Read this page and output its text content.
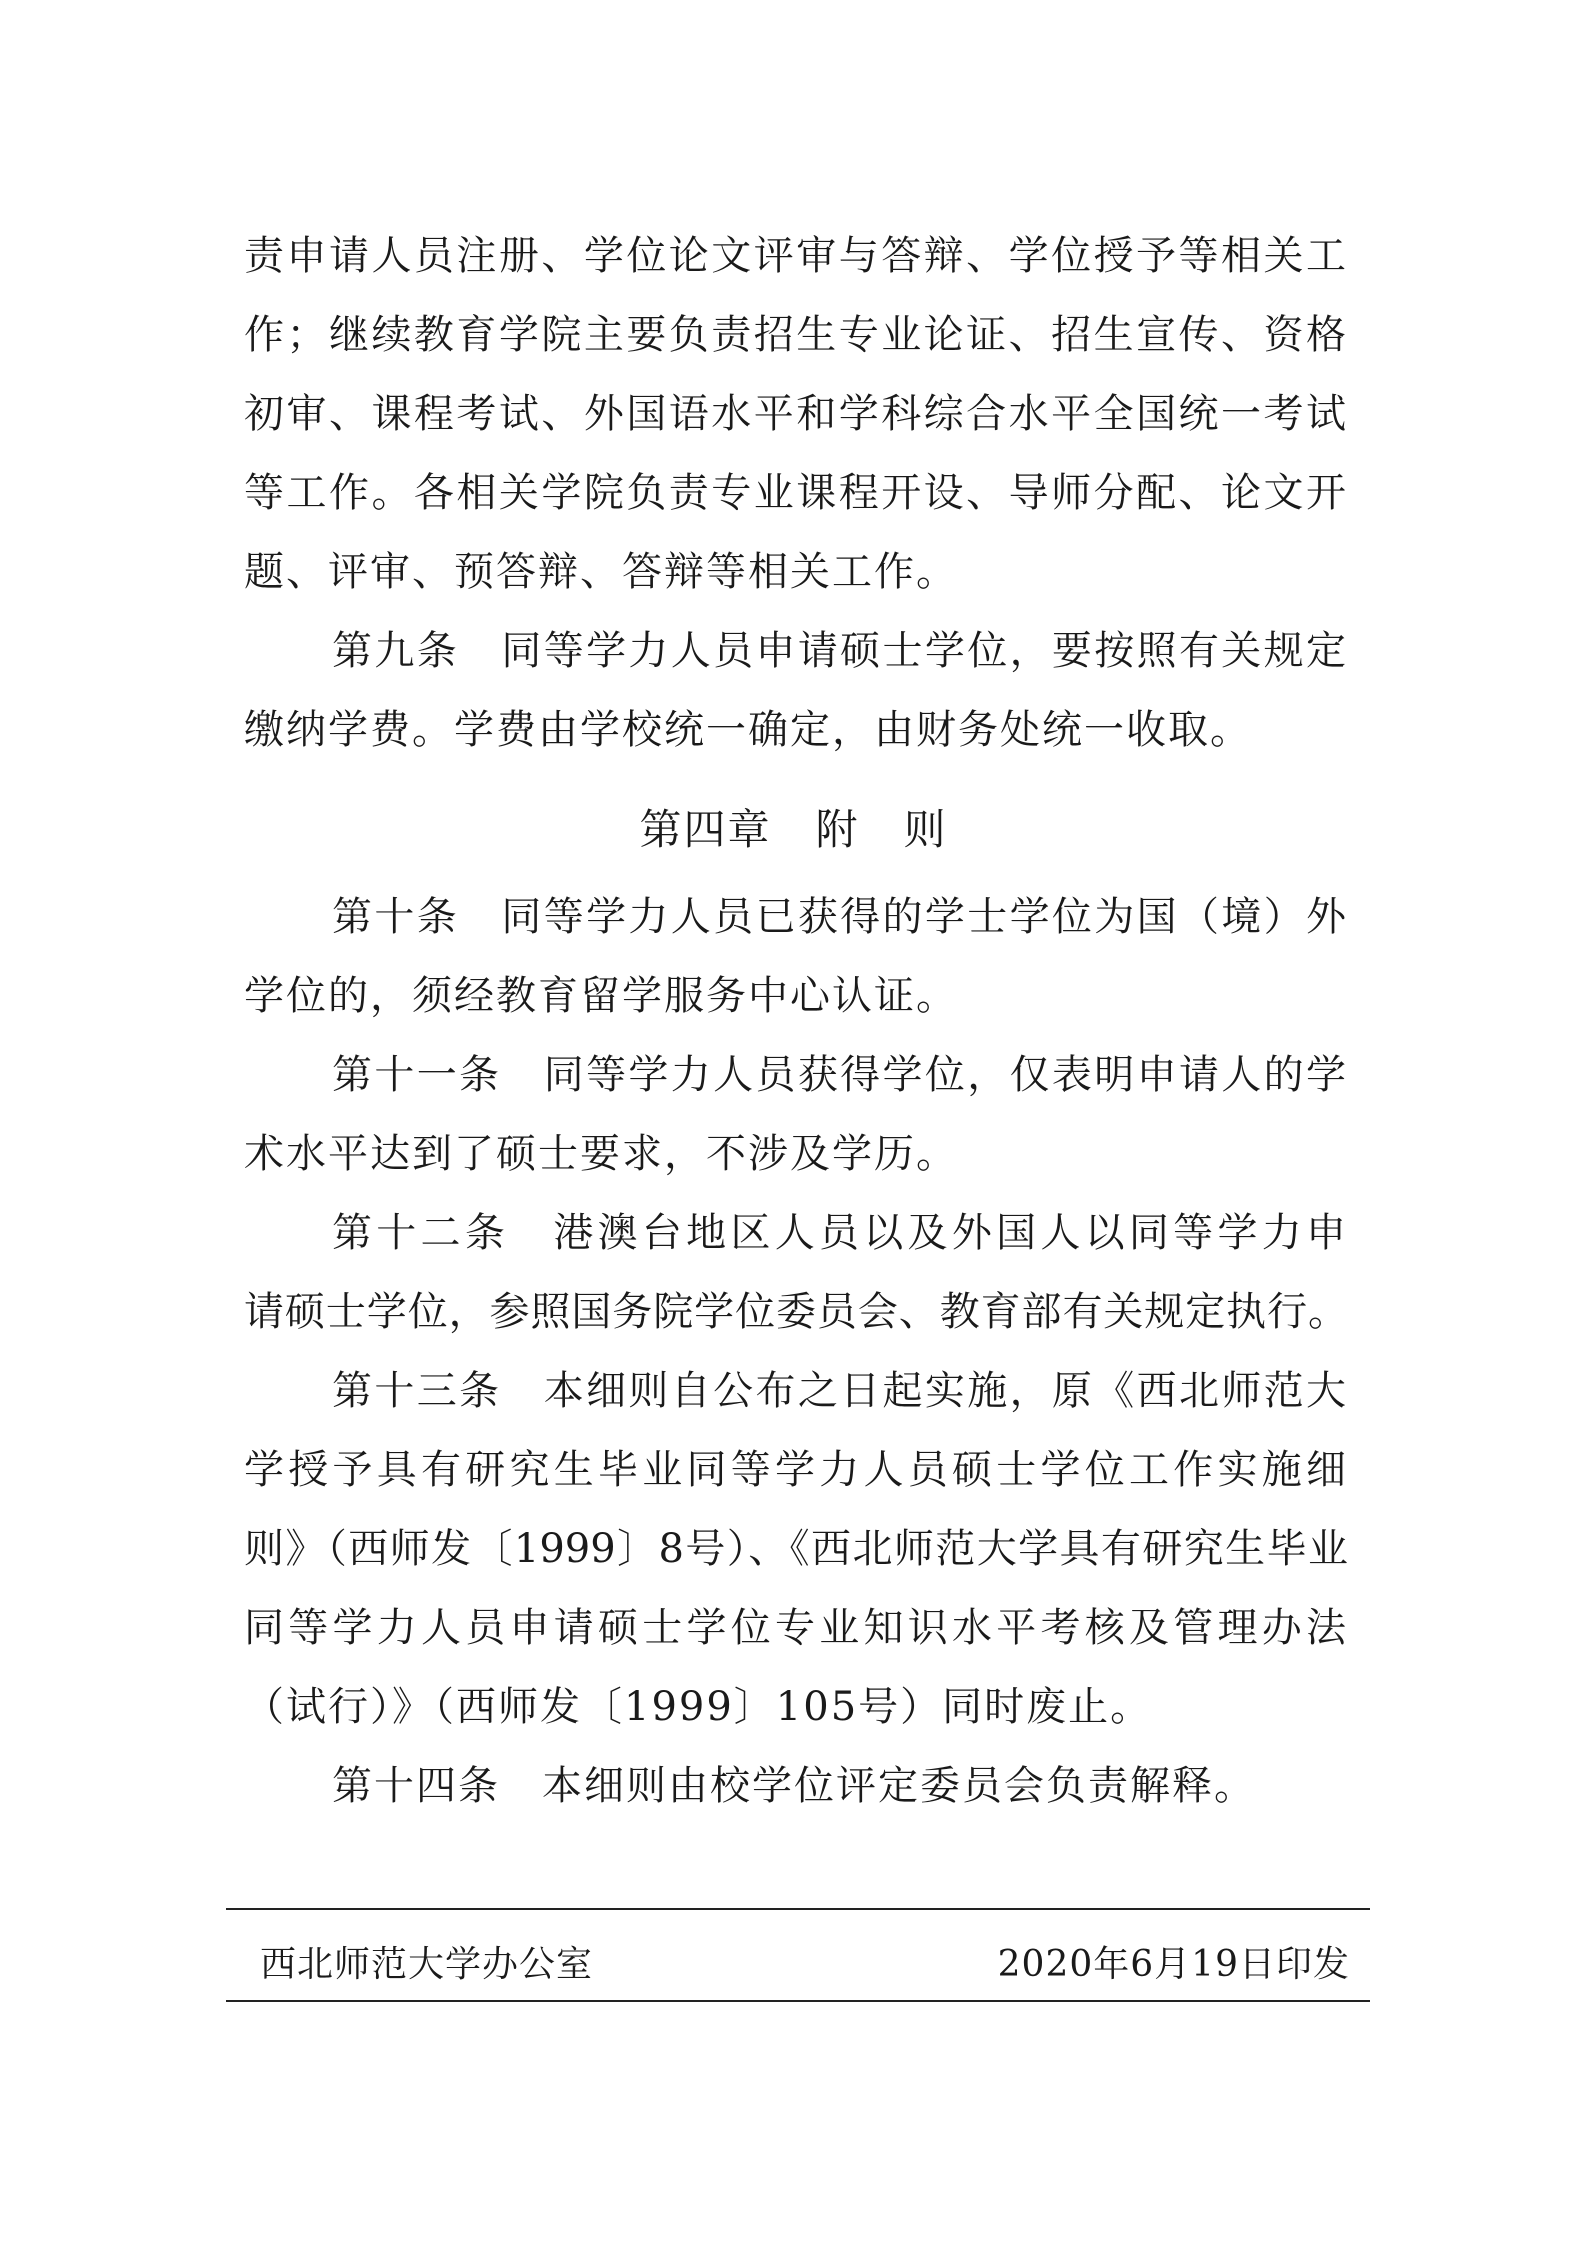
责申请人员注册、学位论文评审与答辩、学位授予等相关工
作；继续教育学院主要负责招生专业论证、招生宣传、资格
初审、课程考试、外国语水平和学科综合水平全国统一考试
等工作。各相关学院负责专业课程开设、导师分配、论文开
题、评审、预答辩、答辩等相关工作。
第九条　同等学力人员申请硕士学位，要按照有关规定
缴纳学费。学费由学校统一确定，由财务处统一收取。
第四章　附　则
第十条　同等学力人员已获得的学士学位为国（境）外
学位的，须经教育留学服务中心认证。
第十一条　同等学力人员获得学位，仅表明申请人的学
术水平达到了硕士要求，不涉及学历。
第十二条　港澳台地区人员以及外国人以同等学力申
请硕士学位，参照国务院学位委员会、教育部有关规定执行。
第十三条　本细则自公布之日起实施，原《西北师范大
学授予具有研究生毕业同等学力人员硕士学位工作实施细
则》（西师发〔1999〕8号）、《西北师范大学具有研究生毕业
同等学力人员申请硕士学位专业知识水平考核及管理办法
（试行）》（西师发〔1999〕105号）同时废止。
第十四条　本细则由校学位评定委员会负责解释。
西北师范大学办公室	2020年6月19日印发
